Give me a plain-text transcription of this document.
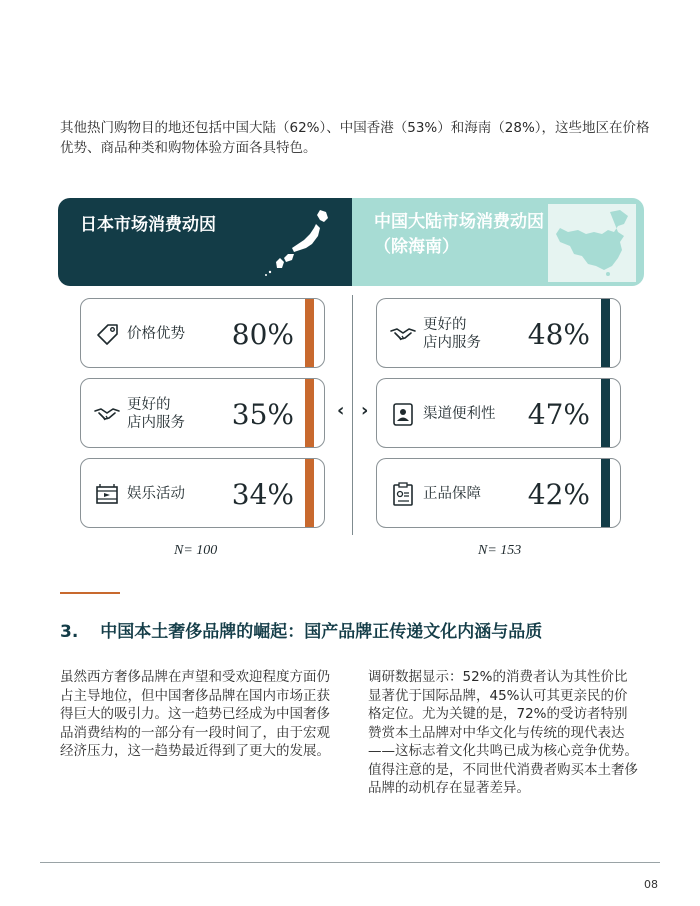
其他热门购物目的地还包括中国大陆（62%）、中国香港（53%）和海南（28%），这些地区在价格优势、商品种类和购物体验方面各具特色。
日本市场消费动因	中国大陆市场消费动因（除海南）
‹ ›
价格优势 80%
更好的
店内服务 35%
娱乐活动 34%
更好的
店内服务 48%
渠道便利性 47%
正品保障 42%
N= 100	N= 153
3. 中国本土奢侈品牌的崛起：国产品牌正传递文化内涵与品质
虽然西方奢侈品牌在声望和受欢迎程度方面仍占主导地位，但中国奢侈品牌在国内市场正获得巨大的吸引力。这一趋势已经成为中国奢侈品消费结构的一部分有一段时间了，由于宏观经济压力，这一趋势最近得到了更大的发展。
调研数据显示：52%的消费者认为其性价比显著优于国际品牌，45%认可其更亲民的价格定位。尤为关键的是，72%的受访者特别赞赏本土品牌对中华文化与传统的现代表达——这标志着文化共鸣已成为核心竞争优势。值得注意的是，不同世代消费者购买本土奢侈品牌的动机存在显著差异。
08
